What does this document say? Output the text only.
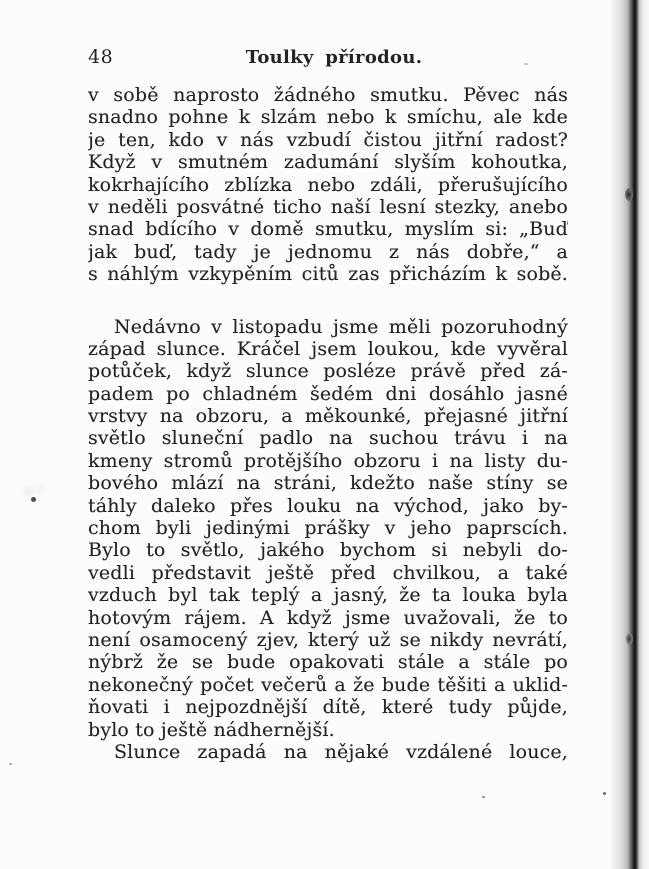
48	Toulky přírodou.
v sobě naprosto žádného smutku. Pěvec nás
snadno pohne k slzám nebo k smíchu, ale kde
je ten, kdo v nás vzbudí čistou jitřní radost?
Když v smutném zadumání slyším kohoutka,
kokrhajícího zblízka nebo zdáli, přerušujícího
v neděli posvátné ticho naší lesní stezky, anebo
snad bdícího v domě smutku, myslím si: „Buď
jak buď, tady je jednomu z nás dobře,“ a
s náhlým vzkypěním citů zas přicházím k sobě.
Nedávno v listopadu jsme měli pozoruhodný
západ slunce. Kráčel jsem loukou, kde vyvěral
potůček, když slunce posléze právě před zá-
padem po chladném šedém dni dosáhlo jasné
vrstvy na obzoru, a měkounké, přejasné jitřní
světlo sluneční padlo na suchou trávu i na
kmeny stromů protějšího obzoru i na listy du-
bového mlází na stráni, kdežto naše stíny se
táhly daleko přes louku na východ, jako by-
chom byli jedinými prášky v jeho paprscích.
Bylo to světlo, jakého bychom si nebyli do-
vedli představit ještě před chvilkou, a také
vzduch byl tak teplý a jasný, že ta louka byla
hotovým rájem. A když jsme uvažovali, že to
není osamocený zjev, který už se nikdy nevrátí,
nýbrž že se bude opakovati stále a stále po
nekonečný počet večerů a že bude těšiti a uklid-
ňovati i nejpozdnější dítě, které tudy půjde,
bylo to ještě nádhernější.
Slunce zapadá na nějaké vzdálené louce,
